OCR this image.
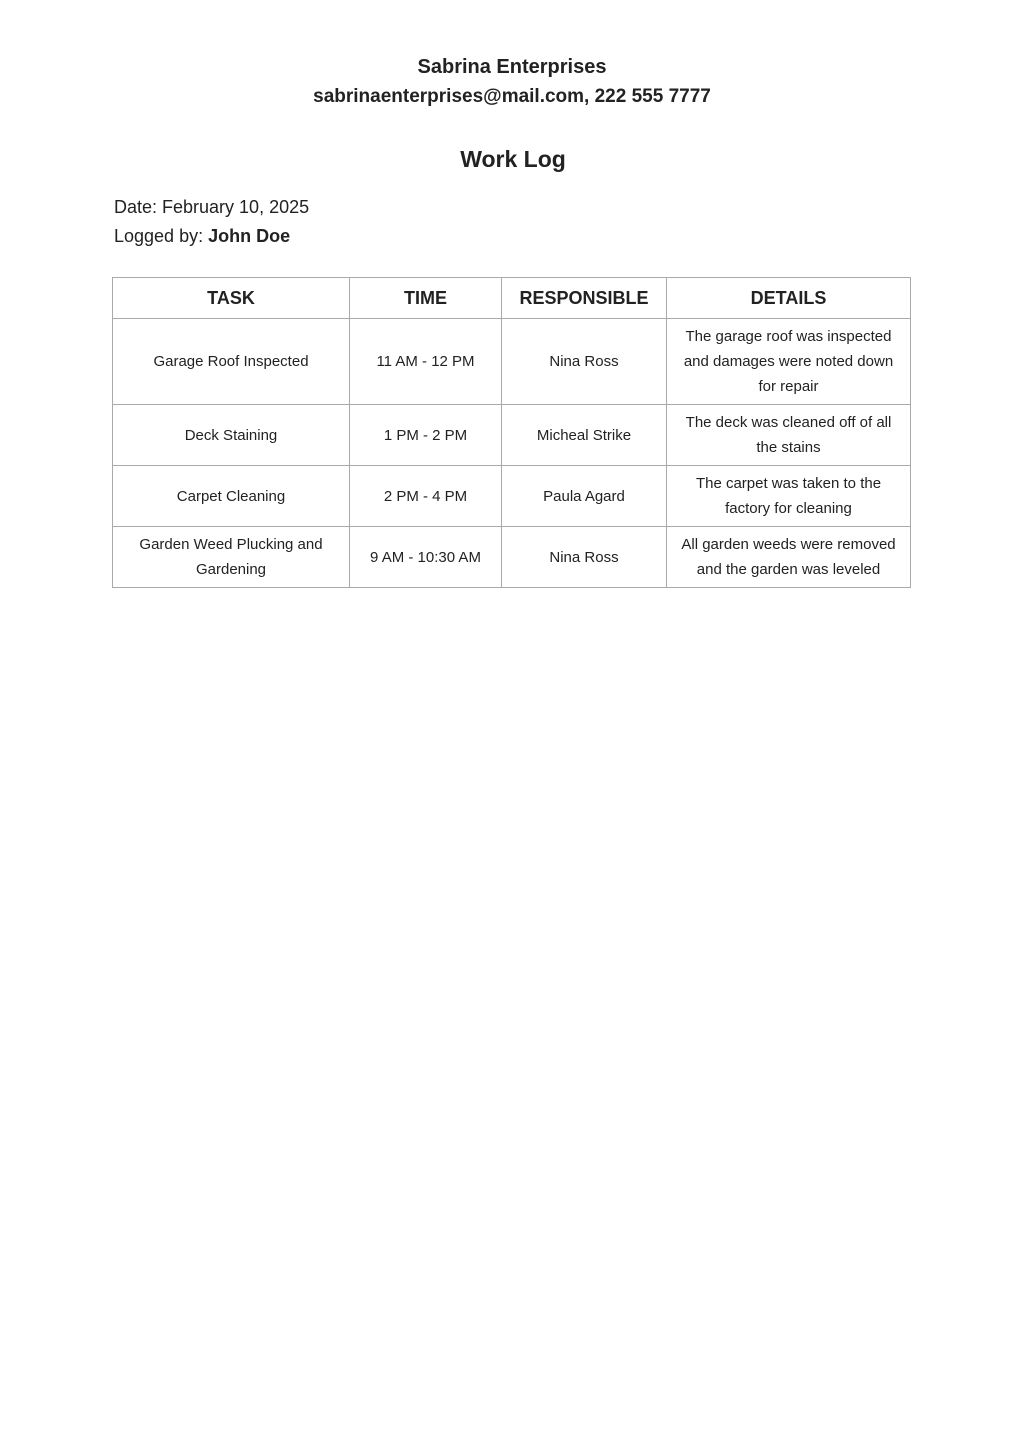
Sabrina Enterprises

sabrinaenterprises@mail.com, 222 555 7777

Work Log

Date: February 10, 2025

Logged by: John Doe

TASK	TIME	RESPONSIBLE	DETAILS
Garage Roof Inspected	11 AM - 12 PM	Nina Ross	The garage roof was inspected and damages were noted down for repair
Deck Staining	1 PM - 2 PM	Micheal Strike	The deck was cleaned off of all the stains
Carpet Cleaning	2 PM - 4 PM	Paula Agard	The carpet was taken to the factory for cleaning
Garden Weed Plucking and Gardening	9 AM - 10:30 AM	Nina Ross	All garden weeds were removed and the garden was leveled
